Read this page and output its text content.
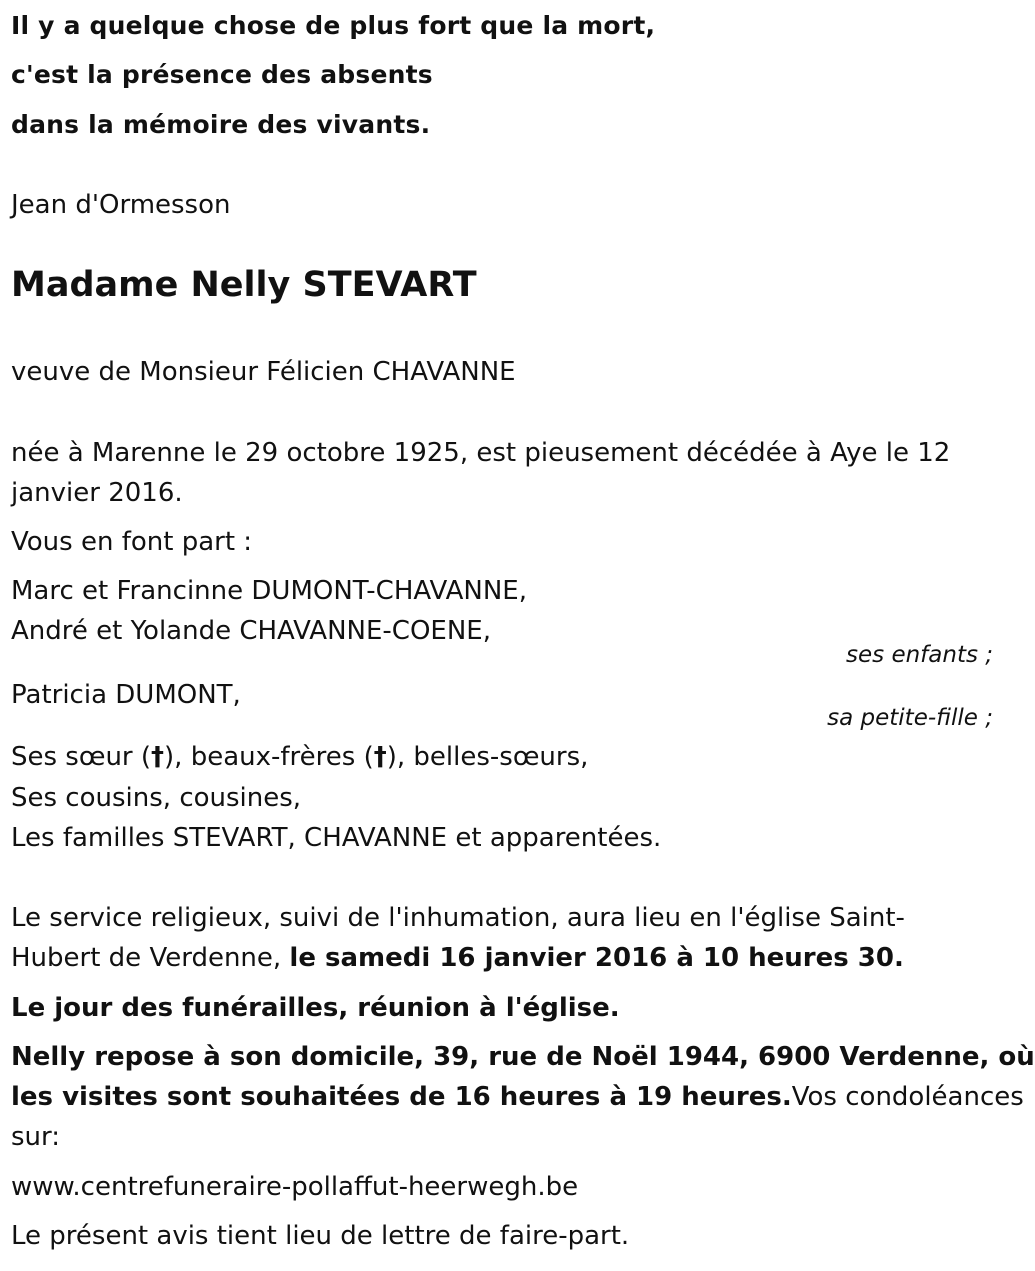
Il y a quelque chose de plus fort que la mort,
c'est la présence des absents
dans la mémoire des vivants.
Jean d'Ormesson
Madame Nelly STEVART
veuve de Monsieur Félicien CHAVANNE
née à Marenne le 29 octobre 1925, est pieusement décédée à Aye le 12
janvier 2016.
Vous en font part :
Marc et Francinne DUMONT-CHAVANNE,
André et Yolande CHAVANNE-COENE,
ses enfants ;
Patricia DUMONT,
sa petite-fille ;
Ses sœur (†), beaux-frères (†), belles-sœurs,
Ses cousins, cousines,
Les familles STEVART, CHAVANNE et apparentées.
Le service religieux, suivi de l'inhumation, aura lieu en l'église Saint-
Hubert de Verdenne, le samedi 16 janvier 2016 à 10 heures 30.
Le jour des funérailles, réunion à l'église.
Nelly repose à son domicile, 39, rue de Noël 1944, 6900 Verdenne, où
les visites sont souhaitées de 16 heures à 19 heures.Vos condoléances
sur:
www.centrefuneraire-pollaffut-heerwegh.be
Le présent avis tient lieu de lettre de faire-part.
